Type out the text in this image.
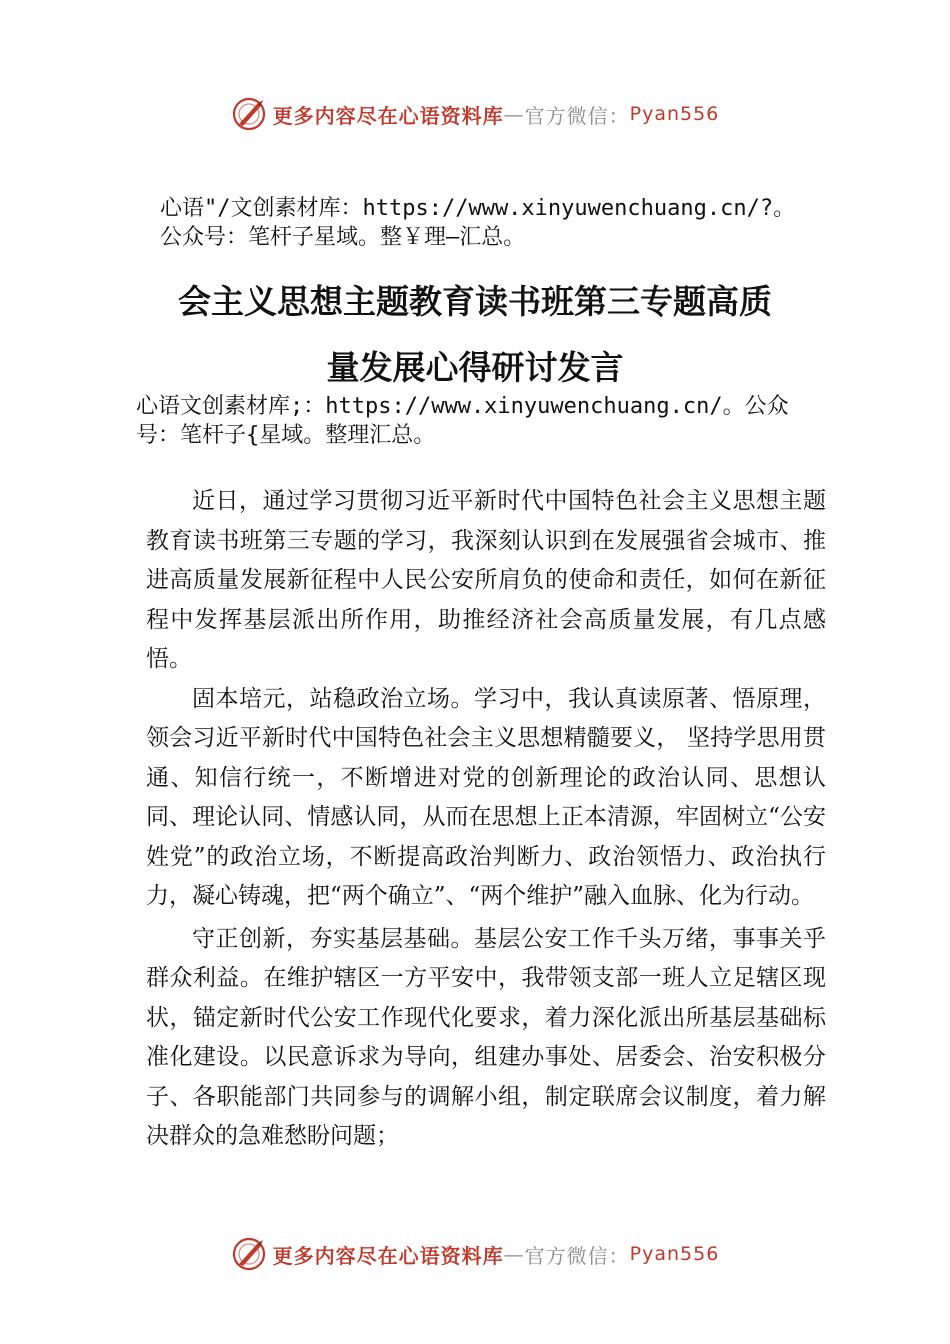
更多内容尽在心语资料库 — 官方微信： Pyan556
心语"/文创素材库：https://www.xinyuwenchuang.cn/?。
公众号：笔杆子星域。整￥理—汇总。
会主义思想主题教育读书班第三专题高质
量发展心得研讨发言
心语文创素材库;：https://www.xinyuwenchuang.cn/。公众
号：笔杆子{星域。整理汇总。

近日，通过学习贯彻习近平新时代中国特色社会主义思想主题教育读书班第三专题的学习，我深刻认识到在发展强省会城市、推进高质量发展新征程中人民公安所肩负的使命和责任，如何在新征程中发挥基层派出所作用，助推经济社会高质量发展，有几点感悟。

固本培元，站稳政治立场。学习中，我认真读原著、悟原理，领会习近平新时代中国特色社会主义思想精髓要义， 坚持学思用贯通、知信行统一，不断增进对党的创新理论的政治认同、思想认同、理论认同、情感认同，从而在思想上正本清源，牢固树立“公安姓党”的政治立场，不断提高政治判断力、政治领悟力、政治执行力，凝心铸魂，把“两个确立”、“两个维护”融入血脉、化为行动。

守正创新，夯实基层基础。基层公安工作千头万绪，事事关乎群众利益。在维护辖区一方平安中，我带领支部一班人立足辖区现状，锚定新时代公安工作现代化要求，着力深化派出所基层基础标准化建设。以民意诉求为导向，组建办事处、居委会、治安积极分子、各职能部门共同参与的调解小组，制定联席会议制度，着力解决群众的急难愁盼问题；

更多内容尽在心语资料库 — 官方微信： Pyan556
